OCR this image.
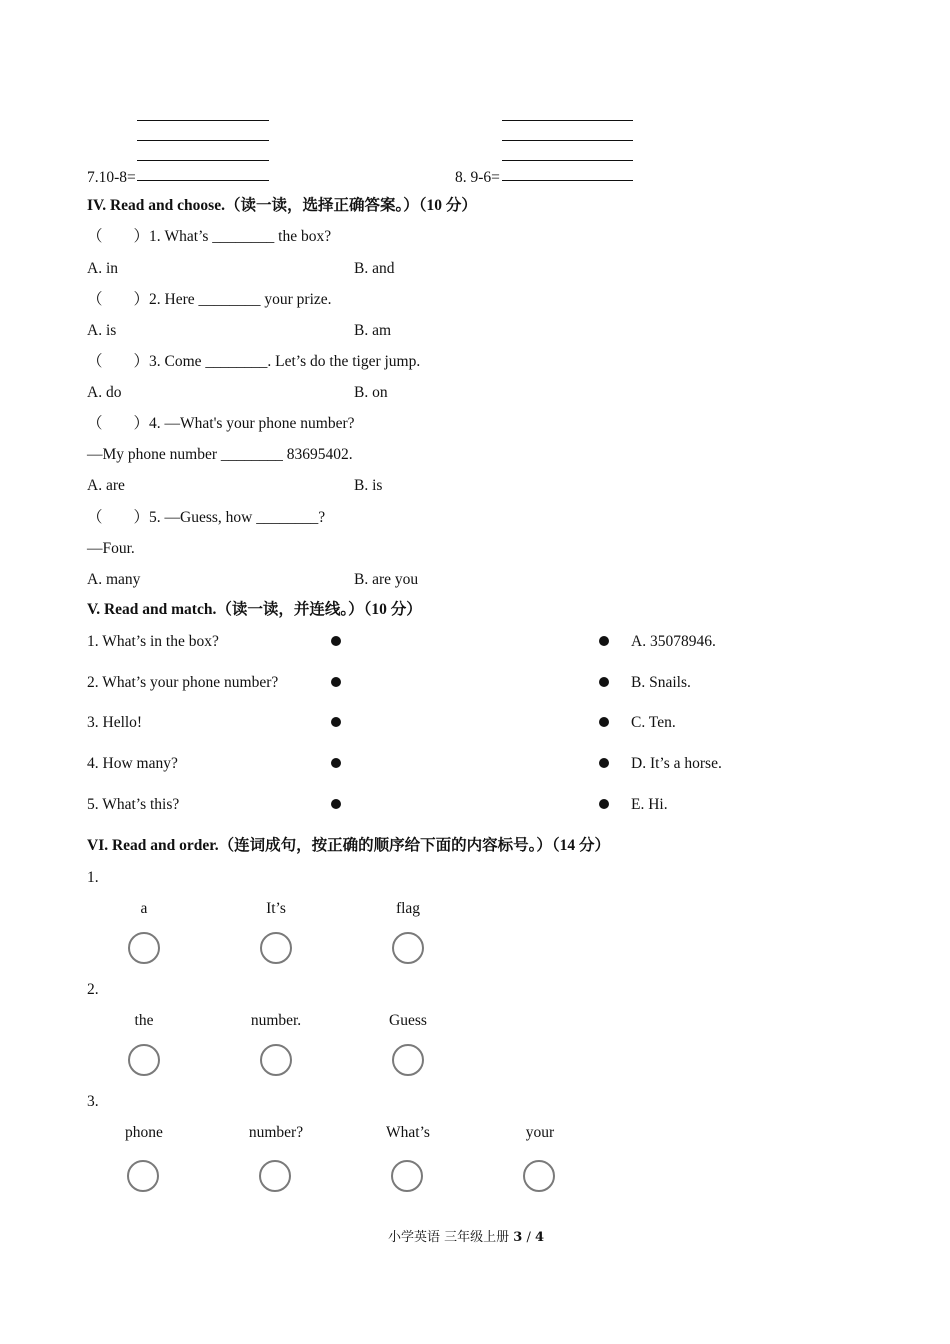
7.10-8=	8. 9-6=
IV. Read and choose.（读一读，选择正确答案。）（10 分）
（　　）1. What’s ________ the box?
A. in	B. and
（　　）2. Here ________ your prize.
A. is	B. am
（　　）3. Come ________. Let’s do the tiger jump.
A. do	B. on
（　　）4. —What's your phone number?
—My phone number ________ 83695402.
A. are	B. is
（　　）5. —Guess, how ________?
—Four.
A. many	B. are you
V. Read and match.（读一读，并连线。）（10 分）
1. What’s in the box?	A. 35078946.
2. What’s your phone number?	B. Snails.
3. Hello!	C. Ten.
4. How many?	D. It’s a horse.
5. What’s this?	E. Hi.
VI. Read and order.（连词成句，按正确的顺序给下面的内容标号。）（14 分）
1.
a	It’s	flag
2.
the	number.	Guess
3.
phone	number?	What’s	your
小学英语 三年级上册 3 / 4
